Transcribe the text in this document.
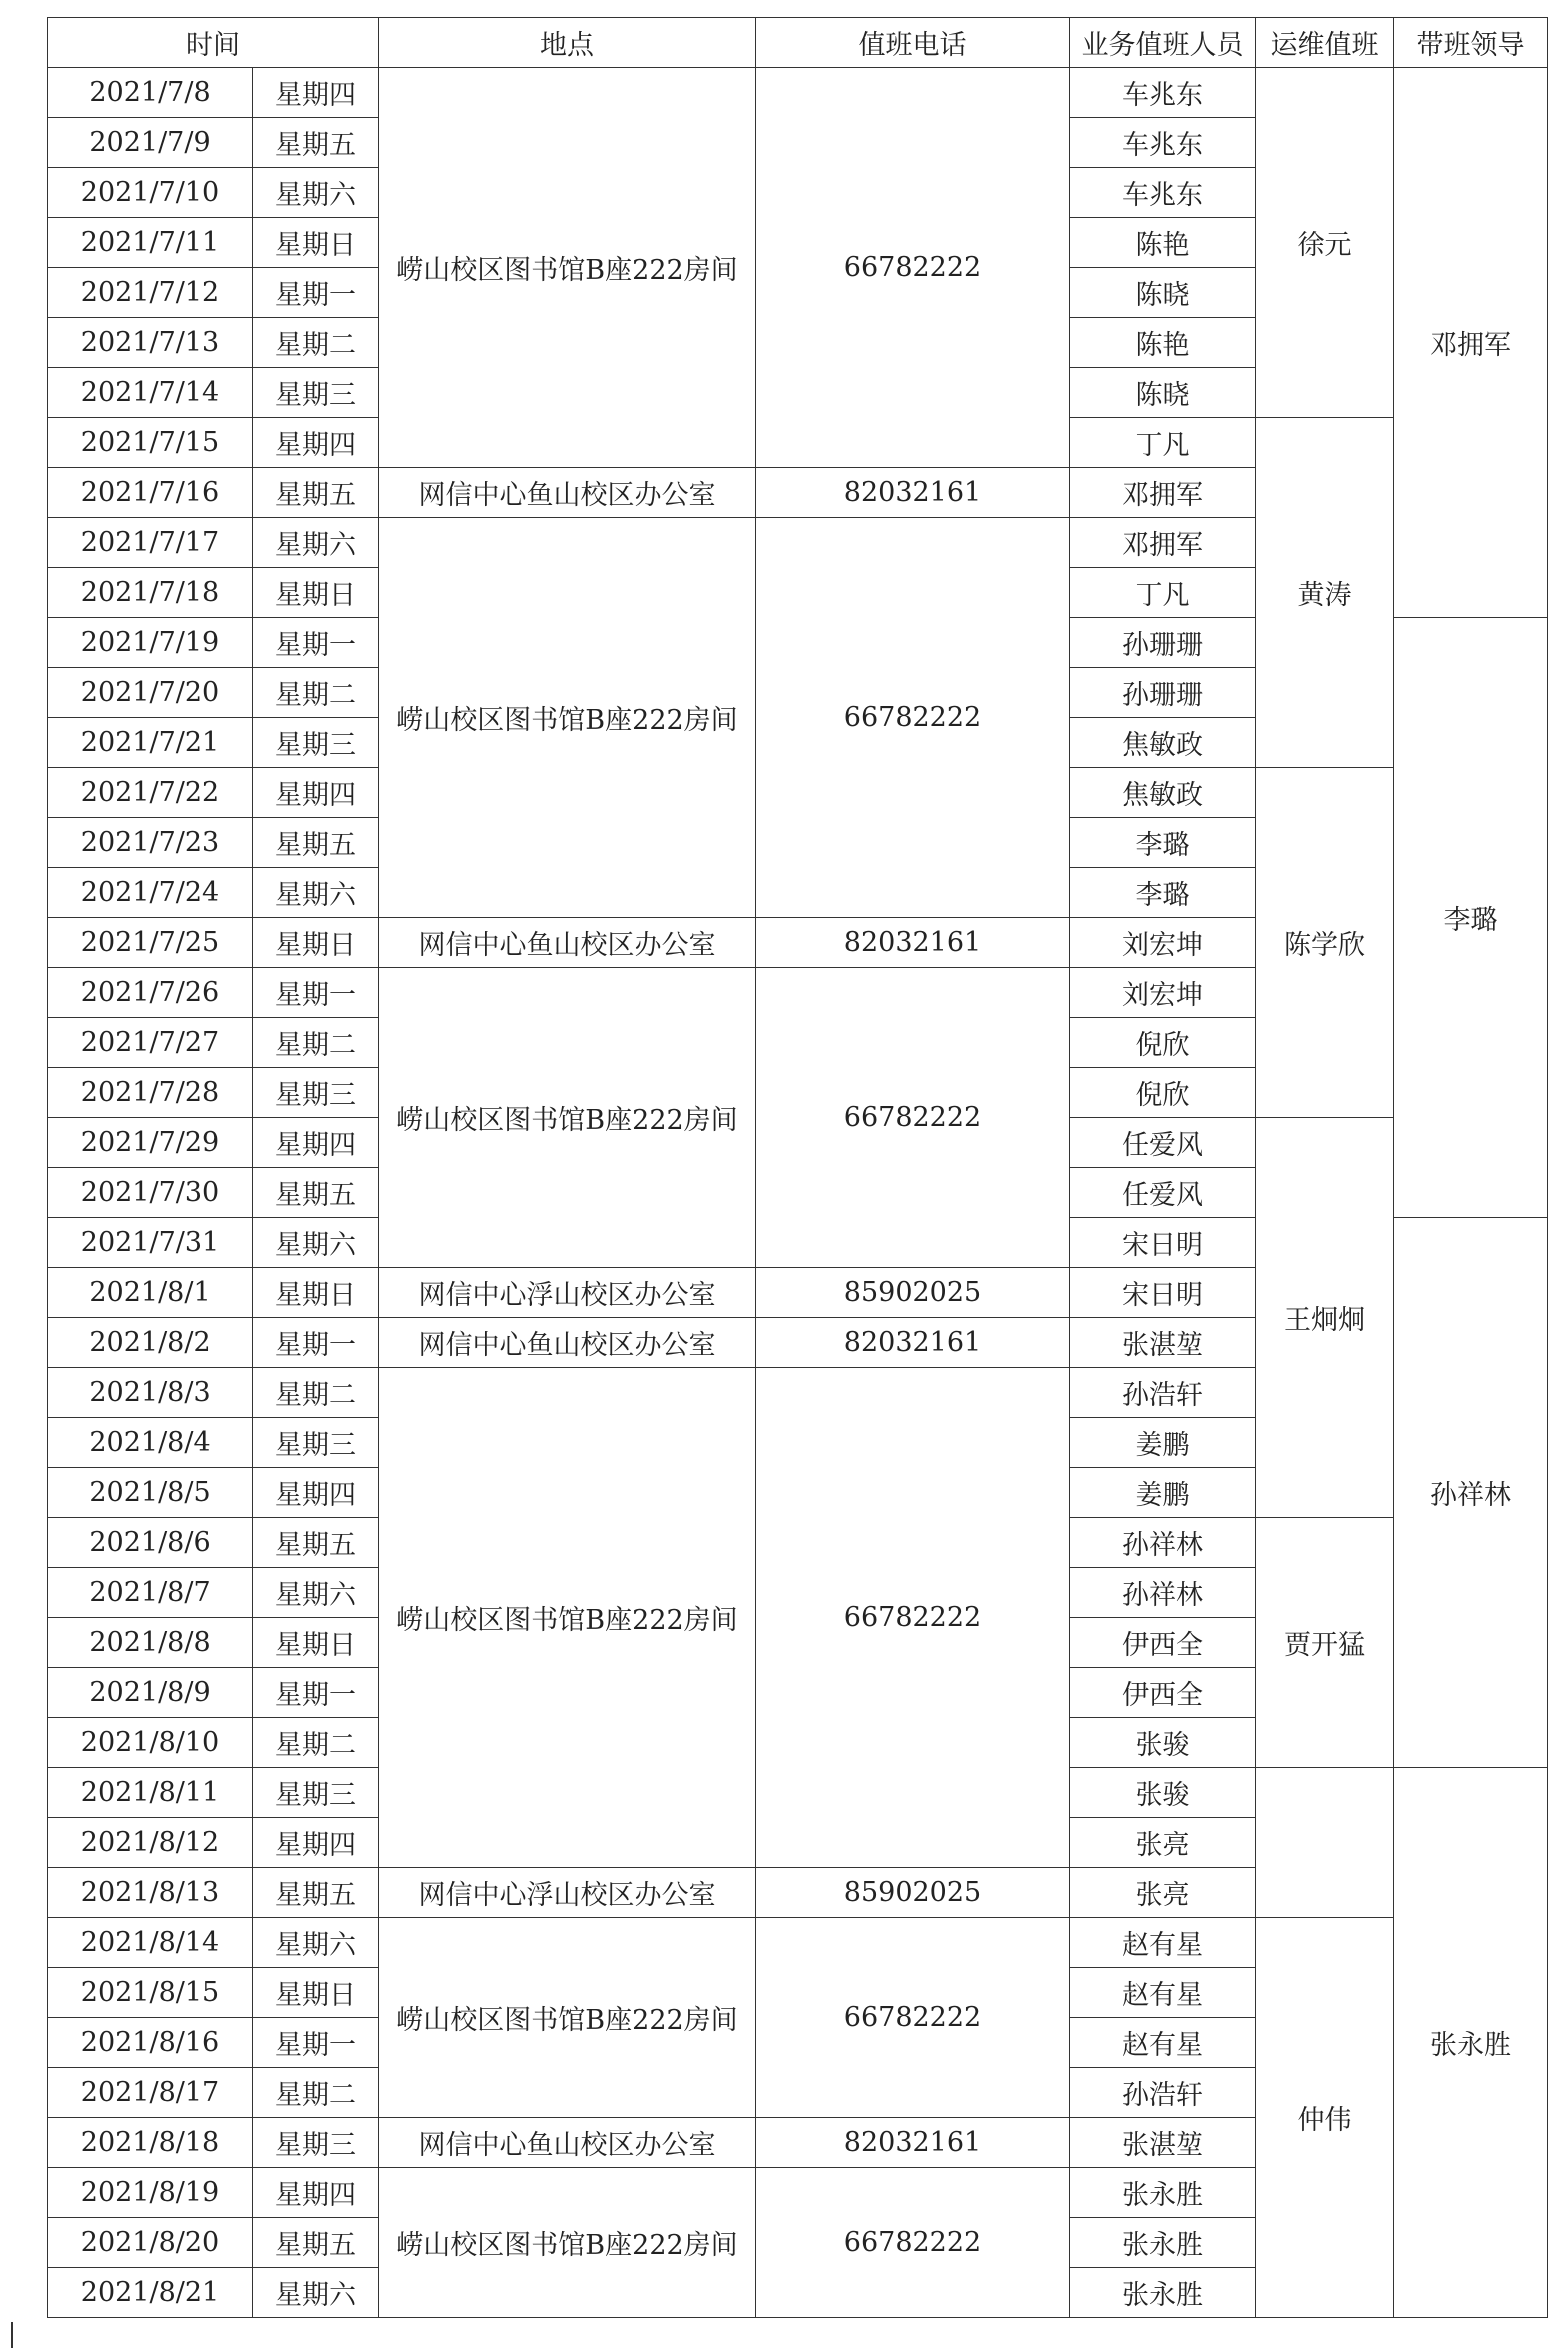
时间		地点	值班电话	业务值班人员	运维值班	带班领导
2021/7/8	星期四	崂山校区图书馆B座222房间	66782222	车兆东	徐元	邓拥军
2021/7/9	星期五			车兆东		
2021/7/10	星期六			车兆东		
2021/7/11	星期日			陈艳		
2021/7/12	星期一			陈晓		
2021/7/13	星期二			陈艳		
2021/7/14	星期三			陈晓		
2021/7/15	星期四			丁凡	黄涛	
2021/7/16	星期五	网信中心鱼山校区办公室	82032161	邓拥军		
2021/7/17	星期六	崂山校区图书馆B座222房间	66782222	邓拥军		
2021/7/18	星期日			丁凡		
2021/7/19	星期一			孙珊珊		李璐
2021/7/20	星期二			孙珊珊		
2021/7/21	星期三			焦敏政		
2021/7/22	星期四			焦敏政	陈学欣	
2021/7/23	星期五			李璐		
2021/7/24	星期六			李璐		
2021/7/25	星期日	网信中心鱼山校区办公室	82032161	刘宏坤		
2021/7/26	星期一	崂山校区图书馆B座222房间	66782222	刘宏坤		
2021/7/27	星期二			倪欣		
2021/7/28	星期三			倪欣		
2021/7/29	星期四			任爱风	王炯炯	
2021/7/30	星期五			任爱风		
2021/7/31	星期六			宋日明		孙祥林
2021/8/1	星期日	网信中心浮山校区办公室	85902025	宋日明		
2021/8/2	星期一	网信中心鱼山校区办公室	82032161	张湛堃		
2021/8/3	星期二	崂山校区图书馆B座222房间	66782222	孙浩轩		
2021/8/4	星期三			姜鹏		
2021/8/5	星期四			姜鹏		
2021/8/6	星期五			孙祥林	贾开猛	
2021/8/7	星期六			孙祥林		
2021/8/8	星期日			伊西全		
2021/8/9	星期一			伊西全		
2021/8/10	星期二			张骏		
2021/8/11	星期三			张骏		张永胜
2021/8/12	星期四			张亮		
2021/8/13	星期五	网信中心浮山校区办公室	85902025	张亮		
2021/8/14	星期六	崂山校区图书馆B座222房间	66782222	赵有星	仲伟	
2021/8/15	星期日			赵有星		
2021/8/16	星期一			赵有星		
2021/8/17	星期二			孙浩轩		
2021/8/18	星期三	网信中心鱼山校区办公室	82032161	张湛堃		
2021/8/19	星期四	崂山校区图书馆B座222房间	66782222	张永胜		
2021/8/20	星期五			张永胜		
2021/8/21	星期六			张永胜		
